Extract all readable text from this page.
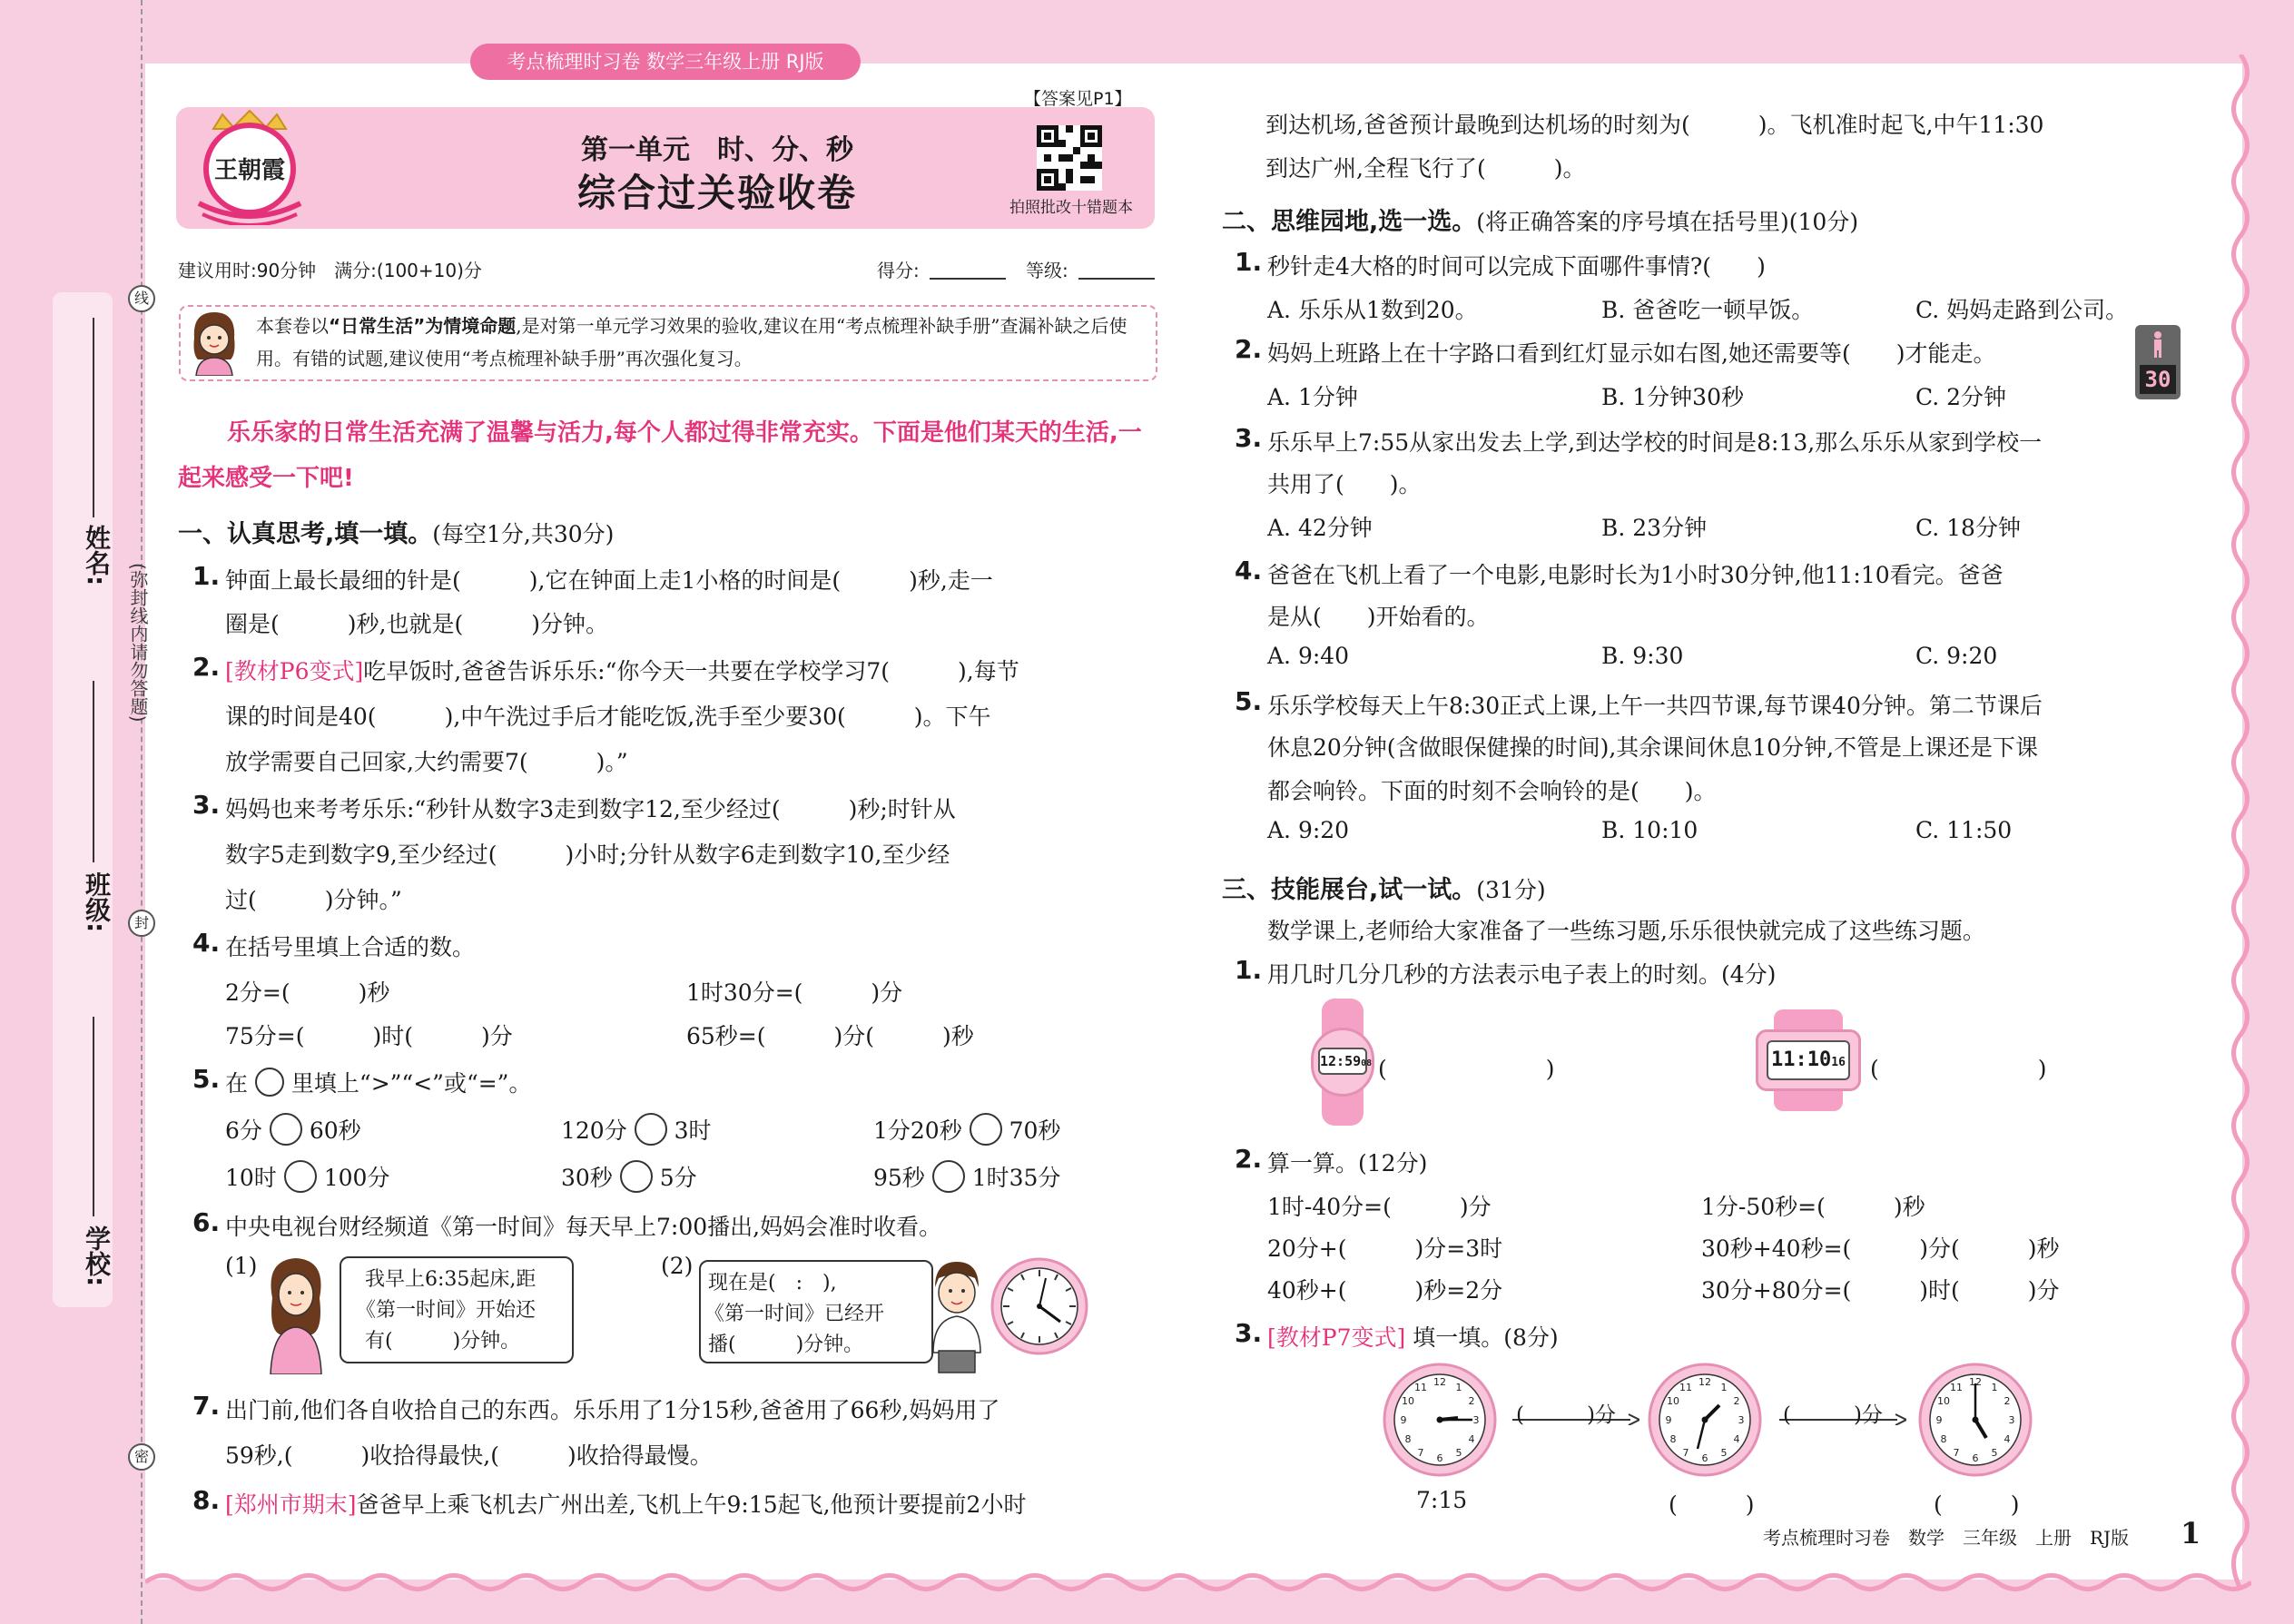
姓名:
班级:
学校:
(弥封线内请勿答题)
线
封
密
考点梳理时习卷 数学三年级上册 RJ版
王朝霞
【答案见P1】
第一单元　时、分、秒
综合过关验收卷	拍照批改十错题本
建议用时:90分钟　满分:(100+10)分	得分:	等级:
本套卷以“日常生活”为情境命题,是对第一单元学习效果的验收,建议在用“考点梳理补缺手册”查漏补缺之后使用。有错的试题,建议使用“考点梳理补缺手册”再次强化复习。
乐乐家的日常生活充满了温馨与活力,每个人都过得非常充实。下面是他们某天的生活,一起来感受一下吧!
一、认真思考,填一填。(每空1分,共30分)
1. 钟面上最长最细的针是(　　　),它在钟面上走1小格的时间是(　　　)秒,走一
圈是(　　　)秒,也就是(　　　)分钟。
2. [教材P6变式]吃早饭时,爸爸告诉乐乐:“你今天一共要在学校学习7(　　　),每节
课的时间是40(　　　),中午洗过手后才能吃饭,洗手至少要30(　　　)。下午
放学需要自己回家,大约需要7(　　　)。”
3. 妈妈也来考考乐乐:“秒针从数字3走到数字12,至少经过(　　　)秒;时针从
数字5走到数字9,至少经过(　　　)小时;分针从数字6走到数字10,至少经
过(　　　)分钟。”
4. 在括号里填上合适的数。
2分=(　　　)秒	1时30分=(　　　)分
75分=(　　　)时(　　　)分	65秒=(　　　)分(　　　)秒
5. 在 里填上“>”“<”或“=”。
6分 60秒	120分 3时	1分20秒 70秒
10时 100分	30秒 5分	95秒 1时35分
6. 中央电视台财经频道《第一时间》每天早上7:00播出,妈妈会准时收看。
(1)
我早上6:35起床,距
《第一时间》开始还
有(　　　)分钟。
(2)
现在是(　:　),
《第一时间》已经开
播(　　　)分钟。
7. 出门前,他们各自收拾自己的东西。乐乐用了1分15秒,爸爸用了66秒,妈妈用了
59秒,(　　　)收拾得最快,(　　　)收拾得最慢。
8. [郑州市期末]爸爸早上乘飞机去广州出差,飞机上午9:15起飞,他预计要提前2小时
到达机场,爸爸预计最晚到达机场的时刻为(　　　)。飞机准时起飞,中午11:30
到达广州,全程飞行了(　　　)。
二、思维园地,选一选。(将正确答案的序号填在括号里)(10分)
1. 秒针走4大格的时间可以完成下面哪件事情?(　　)
A. 乐乐从1数到20。	B. 爸爸吃一顿早饭。	C. 妈妈走路到公司。
2. 妈妈上班路上在十字路口看到红灯显示如右图,她还需要等(　　)才能走。
A. 1分钟	B. 1分钟30秒	C. 2分钟
30
3. 乐乐早上7:55从家出发去上学,到达学校的时间是8:13,那么乐乐从家到学校一
共用了(　　)。
A. 42分钟	B. 23分钟	C. 18分钟
4. 爸爸在飞机上看了一个电影,电影时长为1小时30分钟,他11:10看完。爸爸
是从(　　)开始看的。
A. 9:40	B. 9:30	C. 9:20
5. 乐乐学校每天上午8:30正式上课,上午一共四节课,每节课40分钟。第二节课后
休息20分钟(含做眼保健操的时间),其余课间休息10分钟,不管是上课还是下课
都会响铃。下面的时刻不会响铃的是(　　)。
A. 9:20	B. 10:10	C. 11:50
三、技能展台,试一试。(31分)
数学课上,老师给大家准备了一些练习题,乐乐很快就完成了这些练习题。
1. 用几时几分几秒的方法表示电子表上的时刻。(4分)
12:5908 (　　　　　　　)	11:1016 (　　　　　　　)
2. 算一算。(12分)
1时-40分=(　　　)分	1分-50秒=(　　　)秒
20分+(　　　)分=3时	30秒+40秒=(　　　)分(　　　)秒
40秒+(　　　)秒=2分	30分+80分=(　　　)时(　　　)分
3. [教材P7变式] 填一填。(8分)
12 1
2
3
4
5
6
7
8
9
10
11
7:15
(　　　)分
12 1
2
3
4
5
6
7
8
9
10
11
(　　　)
(　　　)分
12 1
2
3
4
5
6
7
8
9
10
11
(　　　)
考点梳理时习卷　数学　三年级　上册　RJ版 1
